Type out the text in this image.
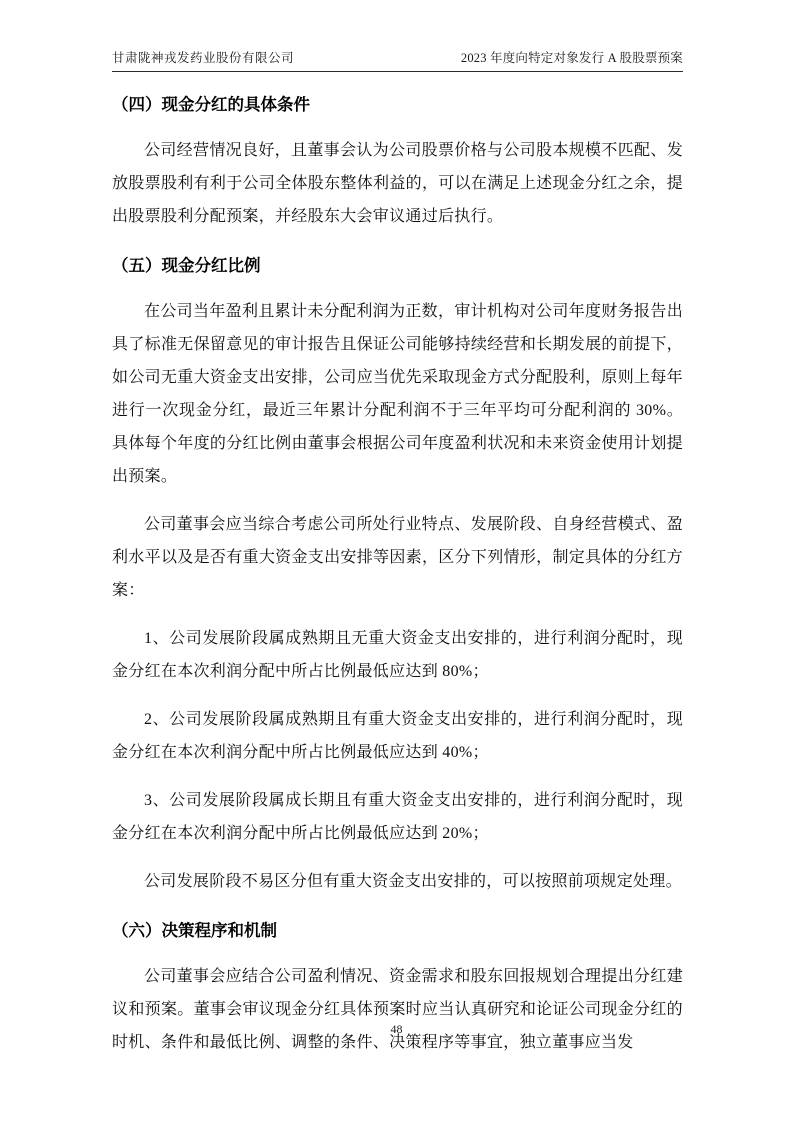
甘肃陇神戎发药业股份有限公司	2023 年度向特定对象发行 A 股股票预案
（四）现金分红的具体条件

公司经营情况良好，且董事会认为公司股票价格与公司股本规模不匹配、发放股票股利有利于公司全体股东整体利益的，可以在满足上述现金分红之余，提出股票股利分配预案，并经股东大会审议通过后执行。

（五）现金分红比例

在公司当年盈利且累计未分配利润为正数，审计机构对公司年度财务报告出具了标准无保留意见的审计报告且保证公司能够持续经营和长期发展的前提下，如公司无重大资金支出安排，公司应当优先采取现金方式分配股利，原则上每年进行一次现金分红，最近三年累计分配利润不于三年平均可分配利润的 30%。具体每个年度的分红比例由董事会根据公司年度盈利状况和未来资金使用计划提出预案。

公司董事会应当综合考虑公司所处行业特点、发展阶段、自身经营模式、盈利水平以及是否有重大资金支出安排等因素，区分下列情形，制定具体的分红方案：

1、公司发展阶段属成熟期且无重大资金支出安排的，进行利润分配时，现金分红在本次利润分配中所占比例最低应达到 80%；

2、公司发展阶段属成熟期且有重大资金支出安排的，进行利润分配时，现金分红在本次利润分配中所占比例最低应达到 40%；

3、公司发展阶段属成长期且有重大资金支出安排的，进行利润分配时，现金分红在本次利润分配中所占比例最低应达到 20%；

公司发展阶段不易区分但有重大资金支出安排的，可以按照前项规定处理。

（六）决策程序和机制

公司董事会应结合公司盈利情况、资金需求和股东回报规划合理提出分红建议和预案。董事会审议现金分红具体预案时应当认真研究和论证公司现金分红的时机、条件和最低比例、调整的条件、决策程序等事宜，独立董事应当发

48
